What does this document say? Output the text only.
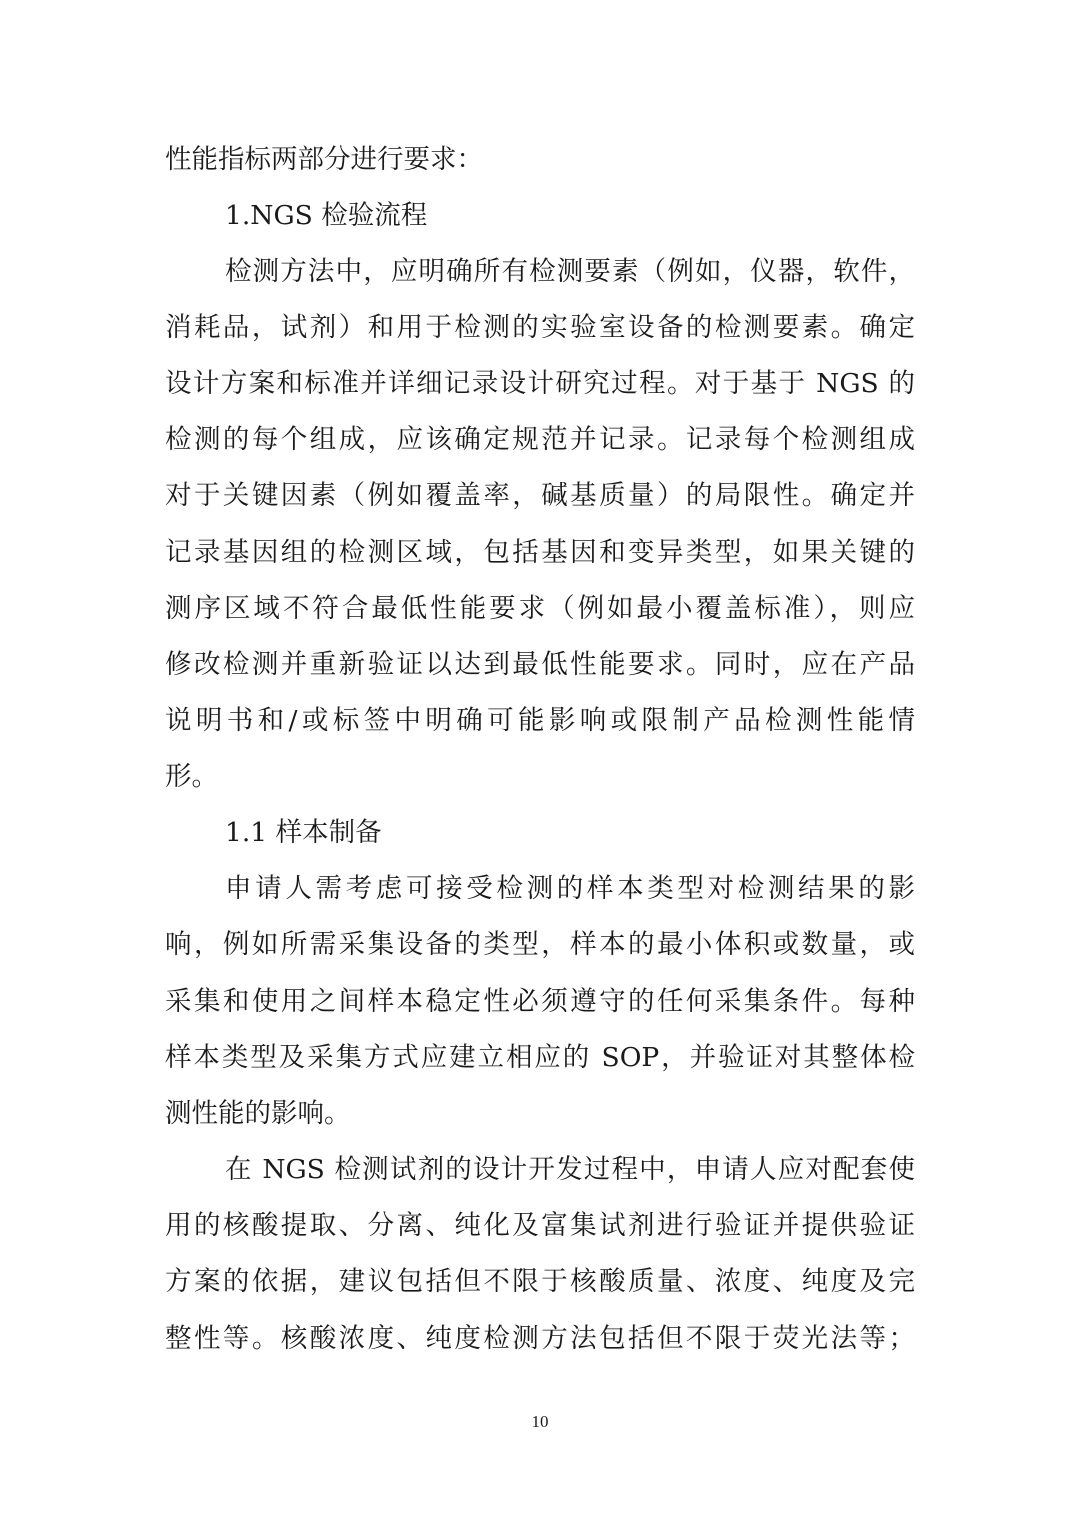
性能指标两部分进行要求：
1.NGS 检验流程
检测方法中，应明确所有检测要素（例如，仪器，软件，
消耗品，试剂）和用于检测的实验室设备的检测要素。确定
设计方案和标准并详细记录设计研究过程。对于基于 NGS 的
检测的每个组成，应该确定规范并记录。记录每个检测组成
对于关键因素（例如覆盖率，碱基质量）的局限性。确定并
记录基因组的检测区域，包括基因和变异类型，如果关键的
测序区域不符合最低性能要求（例如最小覆盖标准），则应
修改检测并重新验证以达到最低性能要求。同时，应在产品
说明书和/或标签中明确可能影响或限制产品检测性能情
形。
1.1 样本制备
申请人需考虑可接受检测的样本类型对检测结果的影
响，例如所需采集设备的类型，样本的最小体积或数量，或
采集和使用之间样本稳定性必须遵守的任何采集条件。每种
样本类型及采集方式应建立相应的 SOP，并验证对其整体检
测性能的影响。
在 NGS 检测试剂的设计开发过程中，申请人应对配套使
用的核酸提取、分离、纯化及富集试剂进行验证并提供验证
方案的依据，建议包括但不限于核酸质量、浓度、纯度及完
整性等。核酸浓度、纯度检测方法包括但不限于荧光法等；
10
